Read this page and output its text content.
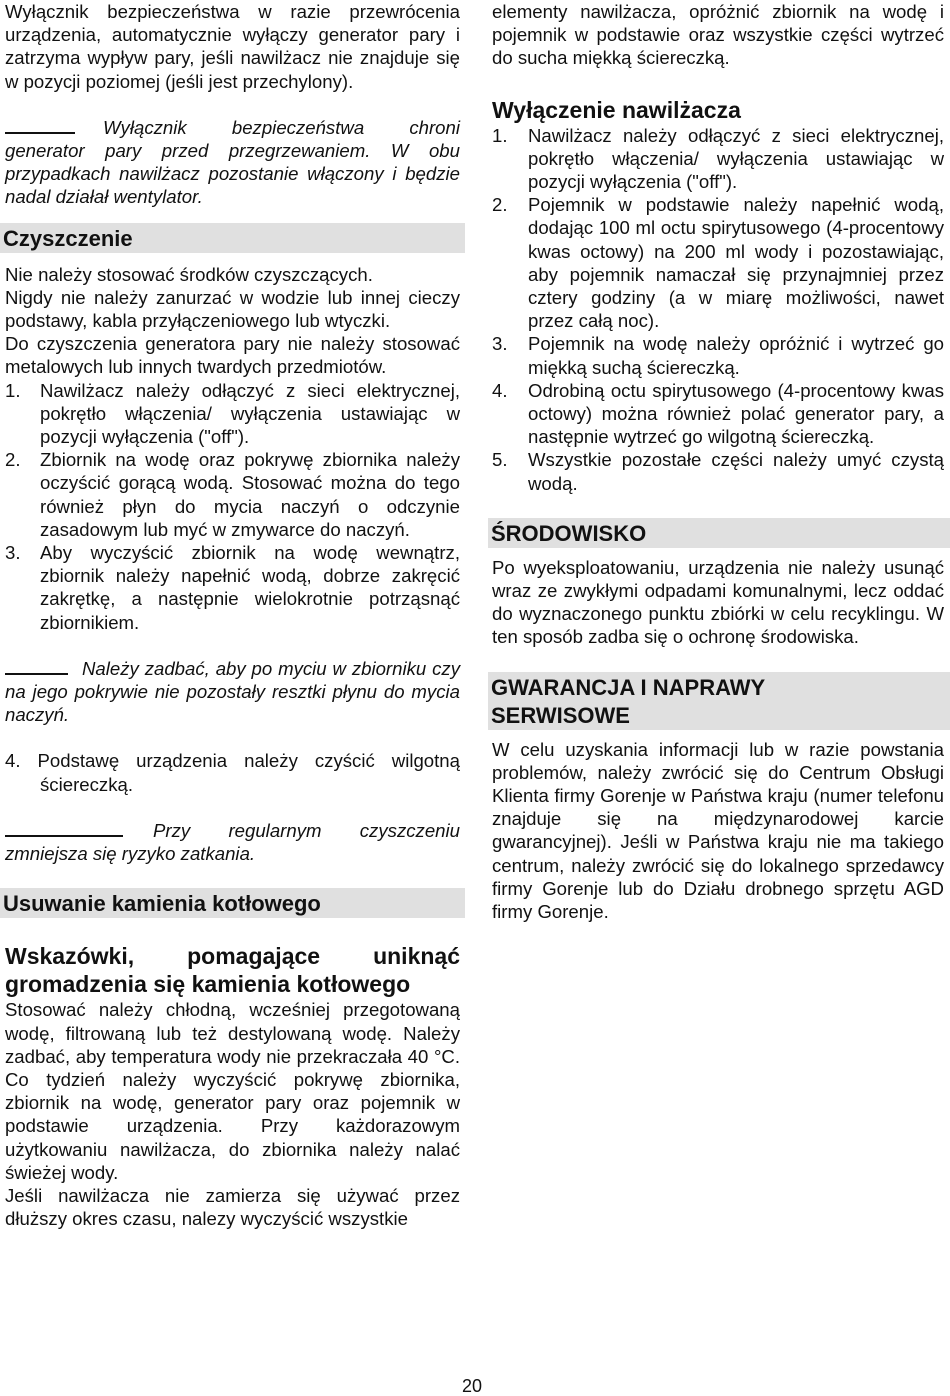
Wyłącznik bezpieczeństwa w razie przewrócenia urządzenia, automatycznie wyłączy generator pary i zatrzyma wypływ pary, jeśli nawilżacz nie znajduje się w pozycji poziomej (jeśli jest przechylony).

Wyłącznik bezpieczeństwa chroni generator pary przed przegrzewaniem. W obu przypadkach nawilżacz pozostanie włączony i będzie nadal działał wentylator.

Czyszczenie

Nie należy stosować środków czyszczących.

Nigdy nie należy zanurzać w wodzie lub innej cieczy podstawy, kabla przyłączeniowego lub wtyczki.

Do czyszczenia generatora pary nie należy stosować metalowych lub innych twardych przedmiotów.

1.	Nawilżacz należy odłączyć z sieci elektrycznej, pokrętło włączenia/ wyłączenia ustawiając w pozycji wyłączenia ("off").
2.	Zbiornik na wodę oraz pokrywę zbiornika należy oczyścić gorącą wodą. Stosować można do tego również płyn do mycia naczyń o odczynie zasadowym lub myć w zmywarce do naczyń.
3.	Aby wyczyścić zbiornik na wodę wewnątrz, zbiornik należy napełnić wodą, dobrze zakręcić zakrętkę, a następnie wielokrotnie potrząsnąć zbiornikiem.

Należy zadbać, aby po myciu w zbiorniku czy na jego pokrywie nie pozostały resztki płynu do mycia naczyń.

4. Podstawę urządzenia należy czyścić wilgotną ściereczką.

Przy regularnym czyszczeniu zmniejsza się ryzyko zatkania.

Usuwanie kamienia kotłowego

Wskazówki, pomagające uniknąć gromadzenia się kamienia kotłowego

Stosować należy chłodną, wcześniej przegotowaną wodę, filtrowaną lub też destylowaną wodę. Należy zadbać, aby temperatura wody nie przekraczała 40 °C. Co tydzień należy wyczyścić pokrywę zbiornika, zbiornik na wodę, generator pary oraz pojemnik w podstawie urządzenia. Przy każdorazowym użytkowaniu nawilżacza, do zbiornika należy nalać świeżej wody.

Jeśli nawilżacza nie zamierza się używać przez dłuższy okres czasu, nalezy wyczyścić wszystkie

elementy nawilżacza, opróżnić zbiornik na wodę i pojemnik w podstawie oraz wszystkie części wytrzeć do sucha miękką ściereczką.

Wyłączenie nawilżacza

1.	Nawilżacz należy odłączyć z sieci elektrycznej, pokrętło włączenia/ wyłączenia ustawiając w pozycji wyłączenia ("off").
2.	Pojemnik w podstawie należy napełnić wodą, dodając 100 ml octu spirytusowego (4-procentowy kwas octowy) na 200 ml wody i pozostawiając, aby pojemnik namaczał się przynajmniej przez cztery godziny (a w miarę możliwości, nawet przez całą noc).
3.	Pojemnik na wodę należy opróżnić i wytrzeć go miękką suchą ściereczką.
4.	Odrobiną octu spirytusowego (4-procentowy kwas octowy) można również polać generator pary, a następnie wytrzeć go wilgotną ściereczką.
5.	Wszystkie pozostałe części należy umyć czystą wodą.
ŚRODOWISKO

Po wyeksploatowaniu, urządzenia nie należy usunąć wraz ze zwykłymi odpadami komunalnymi, lecz oddać do wyznaczonego punktu zbiórki w celu recyklingu. W ten sposób zadba się o ochronę środowiska.

GWARANCJA I NAPRAWY
SERWISOWE

W celu uzyskania informacji lub w razie powstania problemów, należy zwrócić się do Centrum Obsługi Klienta firmy Gorenje w Państwa kraju (numer telefonu znajduje się na międzynarodowej karcie gwarancyjnej). Jeśli w Państwa kraju nie ma takiego centrum, należy zwrócić się do lokalnego sprzedawcy firmy Gorenje lub do Działu drobnego sprzętu AGD firmy Gorenje.

20
